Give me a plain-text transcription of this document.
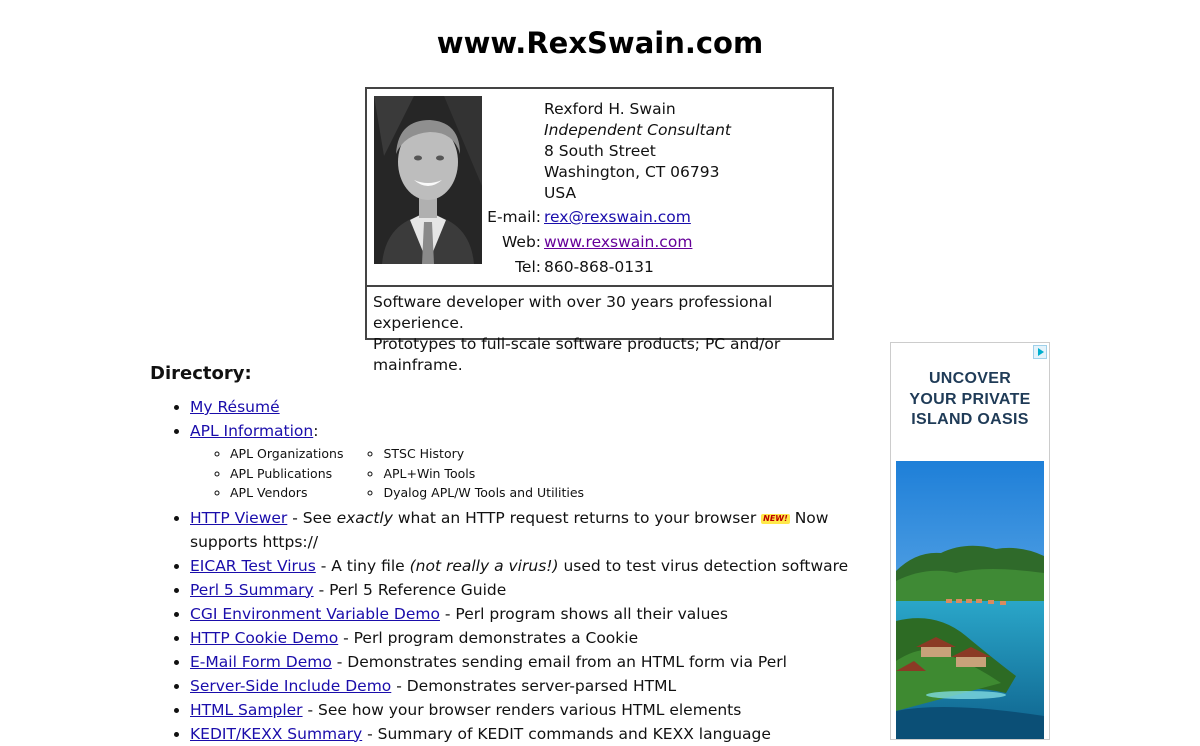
www.RexSwain.com
Rexford H. Swain
Independent Consultant
8 South Street
Washington, CT 06793
USA
E-mail: rex@rexswain.com
Web: www.rexswain.com
Tel: 860-868-0131
Software developer with over 30 years professional experience.
Prototypes to full-scale software products; PC and/or mainframe.
UNCOVER
YOUR PRIVATE
ISLAND OASIS
Directory:
• My Résumé
• APL Information:
◦ APL Organizations
◦ APL Publications
◦ APL Vendors
◦ STSC History
◦ APL+Win Tools
◦ Dyalog APL/W Tools and Utilities
• HTTP Viewer - See exactly what an HTTP request returns to your browser NEW! Now supports https://
• EICAR Test Virus - A tiny file (not really a virus!) used to test virus detection software
• Perl 5 Summary - Perl 5 Reference Guide
• CGI Environment Variable Demo - Perl program shows all their values
• HTTP Cookie Demo - Perl program demonstrates a Cookie
• E-Mail Form Demo - Demonstrates sending email from an HTML form via Perl
• Server-Side Include Demo - Demonstrates server-parsed HTML
• HTML Sampler - See how your browser renders various HTML elements
• KEDIT/KEXX Summary - Summary of KEDIT commands and KEXX language
